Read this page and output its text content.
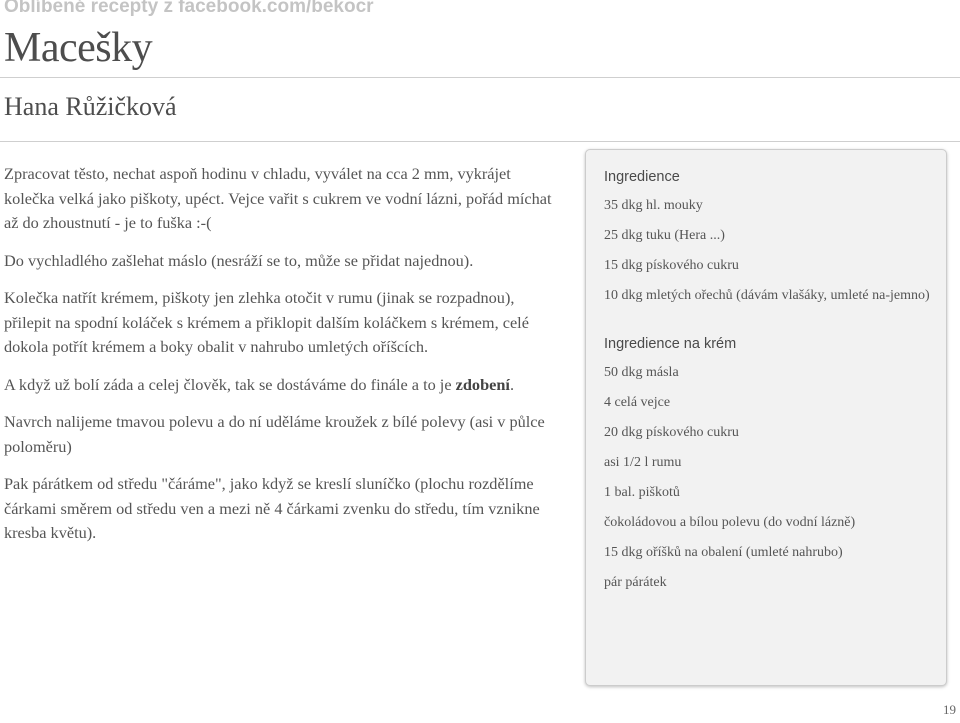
Oblíbené recepty z facebook.com/bekocr
Macešky
Hana Růžičková

Zpracovat těsto, nechat aspoň hodinu v chladu, vyválet na cca 2 mm, vykrájet kolečka velká jako piškoty, upéct. Vejce vařit s cukrem ve vodní lázni, pořád míchat až do zhoustnutí - je to fuška :-(

Do vychladlého zašlehat máslo (nesráží se to, může se přidat najednou).

Kolečka natřít krémem, piškoty jen zlehka otočit v rumu (jinak se rozpadnou), přilepit na spodní koláček s krémem a přiklopit dalším koláčkem s krémem, celé dokola potřít krémem a boky obalit v nahrubo umletých oříšcích.

A když už bolí záda a celej člověk, tak se dostáváme do finále a to je zdobení.

Navrch nalijeme tmavou polevu a do ní uděláme kroužek z bílé polevy (asi v půlce poloměru)

Pak párátkem od středu "čáráme", jako když se kreslí sluníčko (plochu rozdělíme čárkami směrem od středu ven a mezi ně 4 čárkami zvenku do středu, tím vznikne kresba květu).

Ingredience
35 dkg hl. mouky
25 dkg tuku (Hera ...)
15 dkg pískového cukru
10 dkg mletých ořechů (dávám vlašáky, umleté na-jemno)
Ingredience na krém
50 dkg másla
4 celá vejce
20 dkg pískového cukru
asi 1/2 l rumu
1 bal. piškotů
čokoládovou a bílou polevu (do vodní lázně)
15 dkg oříšků na obalení (umleté nahrubo)
pár párátek
19
